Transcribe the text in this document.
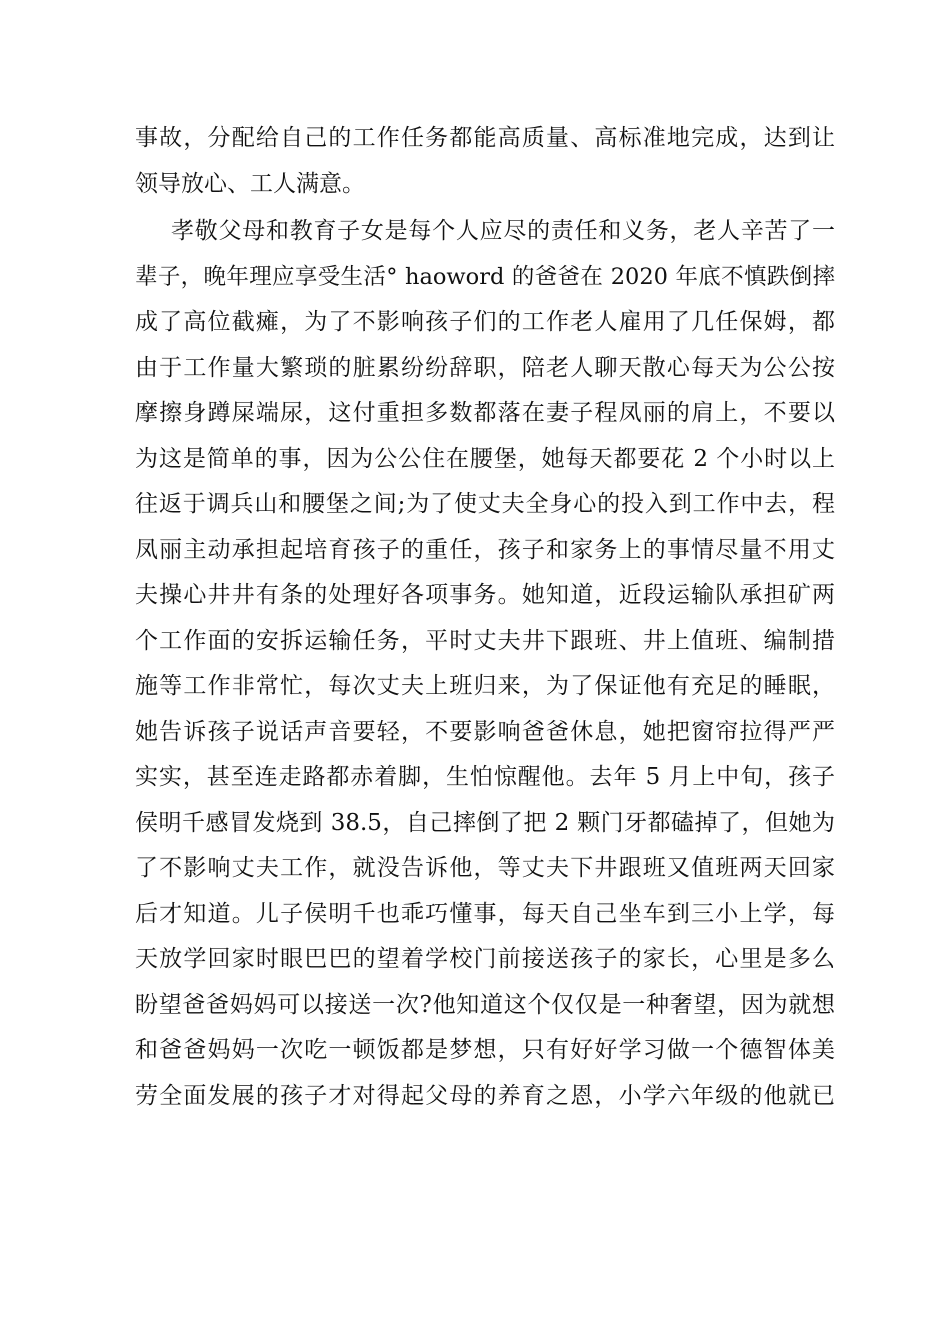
事故，分配给自己的工作任务都能高质量、高标准地完成，达到让
领导放心、工人满意。
孝敬父母和教育子女是每个人应尽的责任和义务，老人辛苦了一
辈子，晚年理应享受生活° haoword 的爸爸在 2020 年底不慎跌倒摔
成了高位截瘫，为了不影响孩子们的工作老人雇用了几任保姆，都
由于工作量大繁琐的脏累纷纷辞职，陪老人聊天散心每天为公公按
摩擦身蹲屎端尿，这付重担多数都落在妻子程凤丽的肩上，不要以
为这是简单的事，因为公公住在腰堡，她每天都要花 2 个小时以上
往返于调兵山和腰堡之间;为了使丈夫全身心的投入到工作中去，程
凤丽主动承担起培育孩子的重任，孩子和家务上的事情尽量不用丈
夫操心井井有条的处理好各项事务。她知道，近段运输队承担矿两
个工作面的安拆运输任务，平时丈夫井下跟班、井上值班、编制措
施等工作非常忙，每次丈夫上班归来，为了保证他有充足的睡眠，
她告诉孩子说话声音要轻，不要影响爸爸休息，她把窗帘拉得严严
实实，甚至连走路都赤着脚，生怕惊醒他。去年 5 月上中旬，孩子
侯明千感冒发烧到 38.5，自己摔倒了把 2 颗门牙都磕掉了，但她为
了不影响丈夫工作，就没告诉他，等丈夫下井跟班又值班两天回家
后才知道。儿子侯明千也乖巧懂事，每天自己坐车到三小上学，每
天放学回家时眼巴巴的望着学校门前接送孩子的家长，心里是多么
盼望爸爸妈妈可以接送一次?他知道这个仅仅是一种奢望，因为就想
和爸爸妈妈一次吃一顿饭都是梦想，只有好好学习做一个德智体美
劳全面发展的孩子才对得起父母的养育之恩，小学六年级的他就已
